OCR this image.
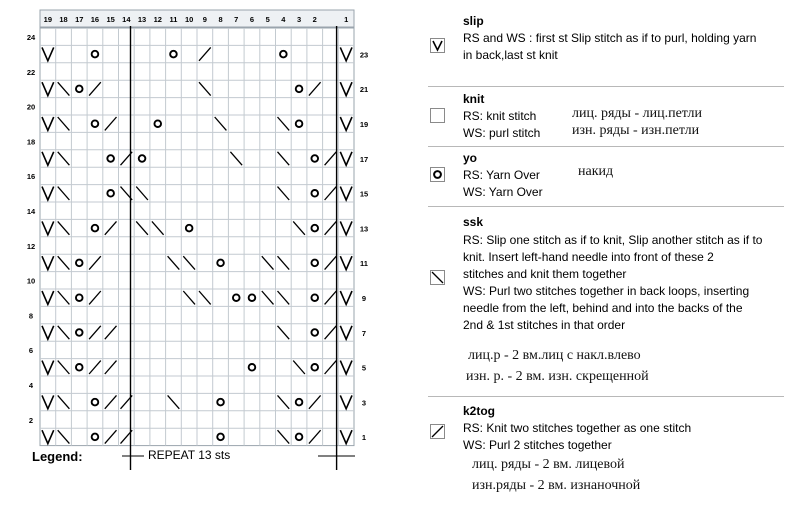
19 18 17 16 15 14 13 12 11 10 9 8 7 6 5 4 3 2	1
24
22
20
18
16
14
12
10
8
6
4
2
23
21
19
17
15
13
11
9
7
5
3
1
Legend:	REPEAT 13 sts
slip
RS and WS : first st Slip stitch as if to purl, holding yarn
in back,last st knit
knit
RS: knit stitch
WS: purl stitch
лиц. ряды - лиц.петли
изн. ряды - изн.петли
yo
RS: Yarn Over
WS: Yarn Over
накид
ssk
RS: Slip one stitch as if to knit, Slip another stitch as if to
knit. Insert left-hand needle into front of these 2
stitches and knit them together
WS: Purl two stitches together in back loops, inserting
needle from the left, behind and into the backs of the
2nd & 1st stitches in that order
лиц.р - 2 вм.лиц с накл.влево
изн. р. - 2 вм. изн. скрещенной
k2tog
RS: Knit two stitches together as one stitch
WS: Purl 2 stitches together
лиц. ряды - 2 вм. лицевой
изн.ряды - 2 вм. изнаночной
